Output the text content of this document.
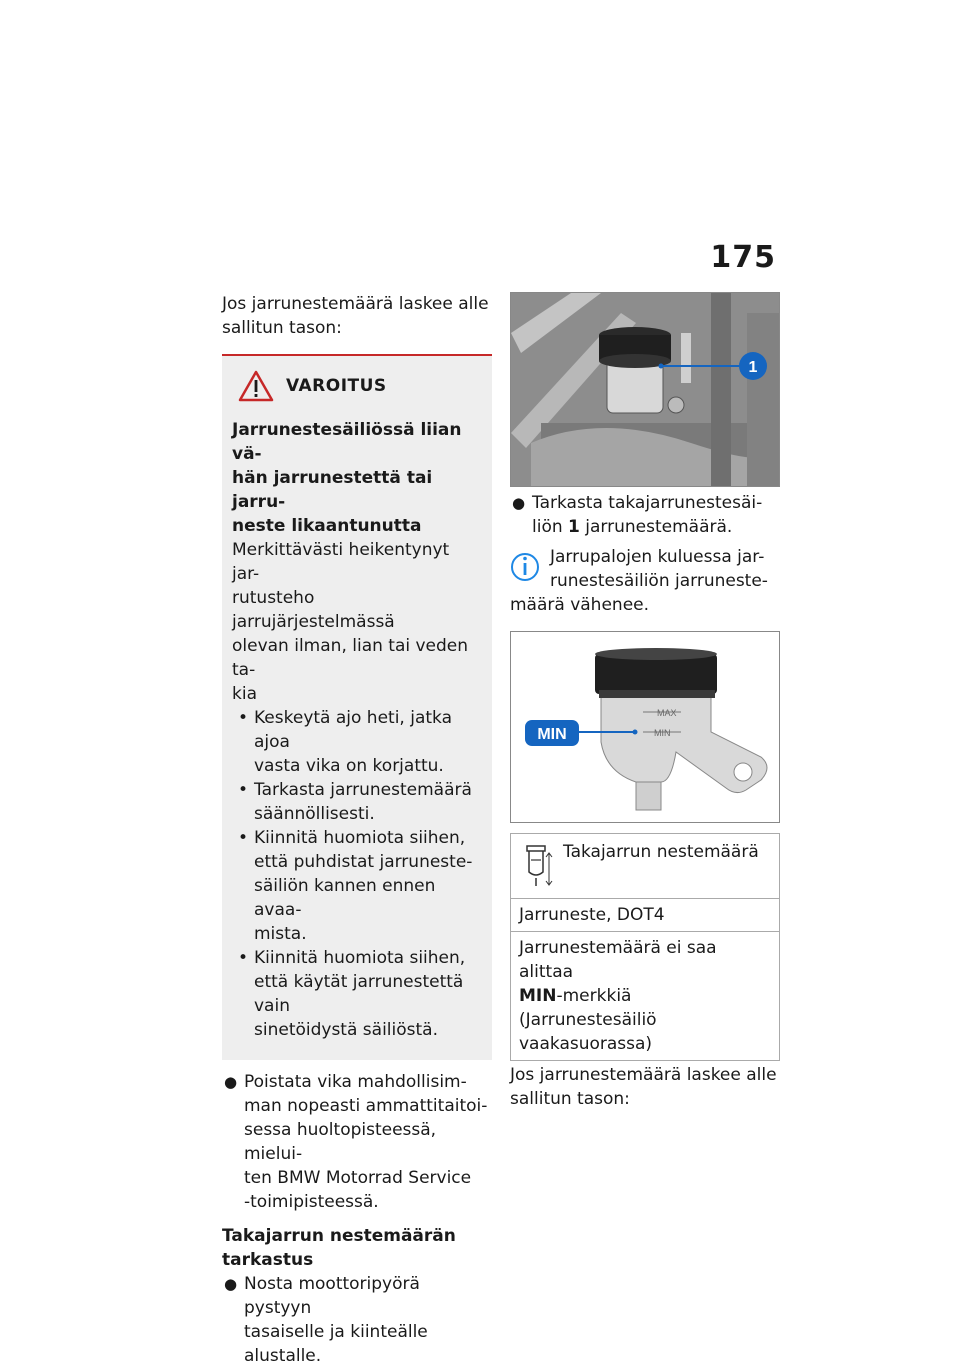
175

Jos jarrunestemäärä laskee alle
sallitun tason:

VAROITUS

Jarrunestesäiliössä liian vä-
hän jarrunestettä tai jarru-
neste likaantunutta

Merkittävästi heikentynyt jar-
rutusteho jarrujärjestelmässä
olevan ilman, lian tai veden ta-
kia

• Keskeytä ajo heti, jatka ajoa
vasta vika on korjattu.
• Tarkasta jarrunestemäärä
säännöllisesti.
• Kiinnitä huomiota siihen,
että puhdistat jarruneste-
säiliön kannen ennen avaa-
mista.
• Kiinnitä huomiota siihen,
että käytät jarrunestettä vain
sinetöidystä säiliöstä.
● Poistata vika mahdollisim-
man nopeasti ammattitaitoi-
sessa huoltopisteessä, mielui-
ten BMW Motorrad Service
-toimipisteessä.

Takajarrun nestemäärän
tarkastus

● Nosta moottoripyörä pystyyn
tasaiselle ja kiinteälle alustalle.
1
● Tarkasta takajarrunestesäi-
liön 1 jarrunestemäärä.
Jarrupalojen kuluessa jar-
runestesäiliön jarruneste-
määrä vähenee.
MAX
MIN
MIN
Takajarrun nestemäärä
Jarruneste, DOT4
Jarrunestemäärä ei saa alittaa
MIN-merkkiä (Jarrunestesäiliö
vaakasuorassa)

Jos jarrunestemäärä laskee alle
sallitun tason:
